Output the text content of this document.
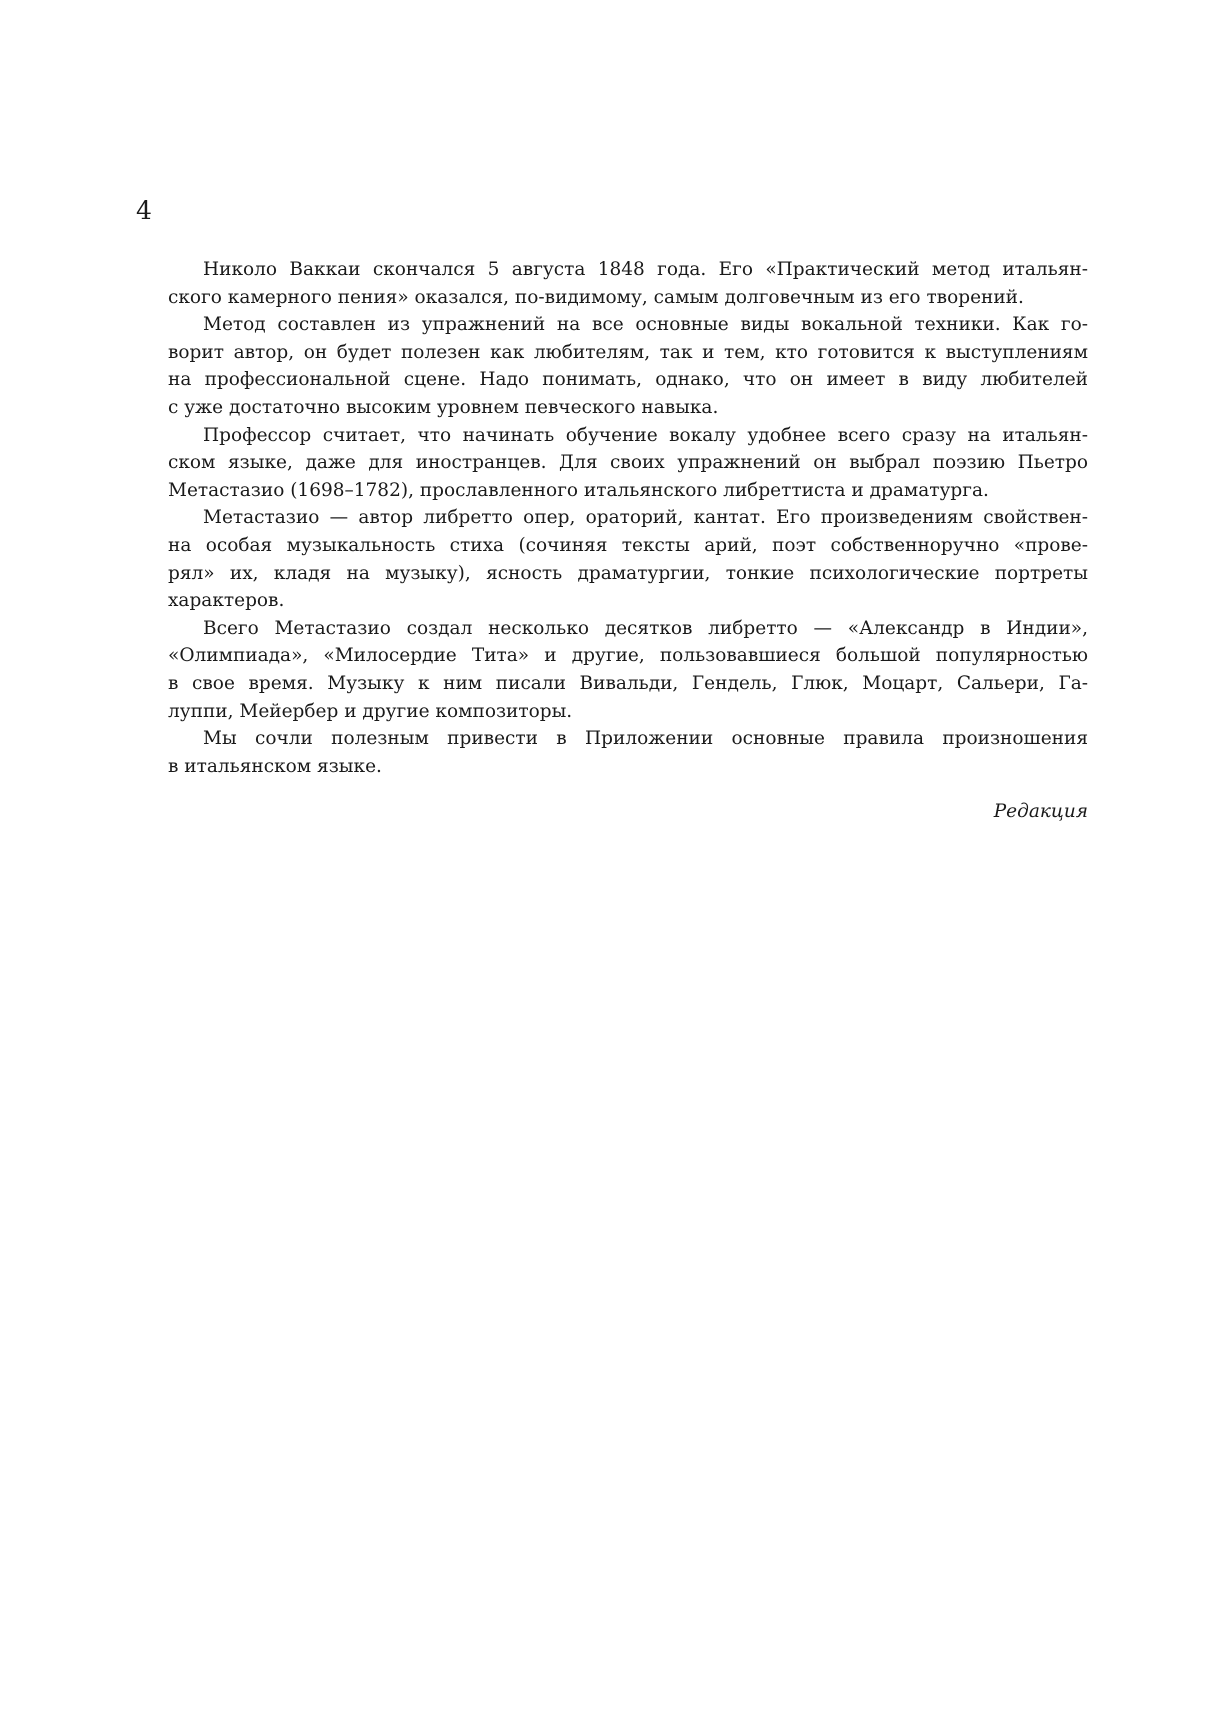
4

Николо Ваккаи скончался 5 августа 1848 года. Его «Практический метод итальян-
ского камерного пения» оказался, по-видимому, самым долговечным из его творений.

Метод составлен из упражнений на все основные виды вокальной техники. Как го-
ворит автор, он будет полезен как любителям, так и тем, кто готовится к выступлениям
на профессиональной сцене. Надо понимать, однако, что он имеет в виду любителей
с уже достаточно высоким уровнем певческого навыка.

Профессор считает, что начинать обучение вокалу удобнее всего сразу на итальян-
ском языке, даже для иностранцев. Для своих упражнений он выбрал поэзию Пьетро
Метастазио (1698–1782), прославленного итальянского либреттиста и драматурга.

Метастазио — автор либретто опер, ораторий, кантат. Его произведениям свойствен-
на особая музыкальность стиха (сочиняя тексты арий, поэт собственноручно «прове-
рял» их, кладя на музыку), ясность драматургии, тонкие психологические портреты
характеров.

Всего Метастазио создал несколько десятков либретто — «Александр в Индии»,
«Олимпиада», «Милосердие Тита» и другие, пользовавшиеся большой популярностью
в свое время. Музыку к ним писали Вивальди, Гендель, Глюк, Моцарт, Сальери, Га-
луппи, Мейербер и другие композиторы.

Мы сочли полезным привести в Приложении основные правила произношения
в итальянском языке.

Редакция
